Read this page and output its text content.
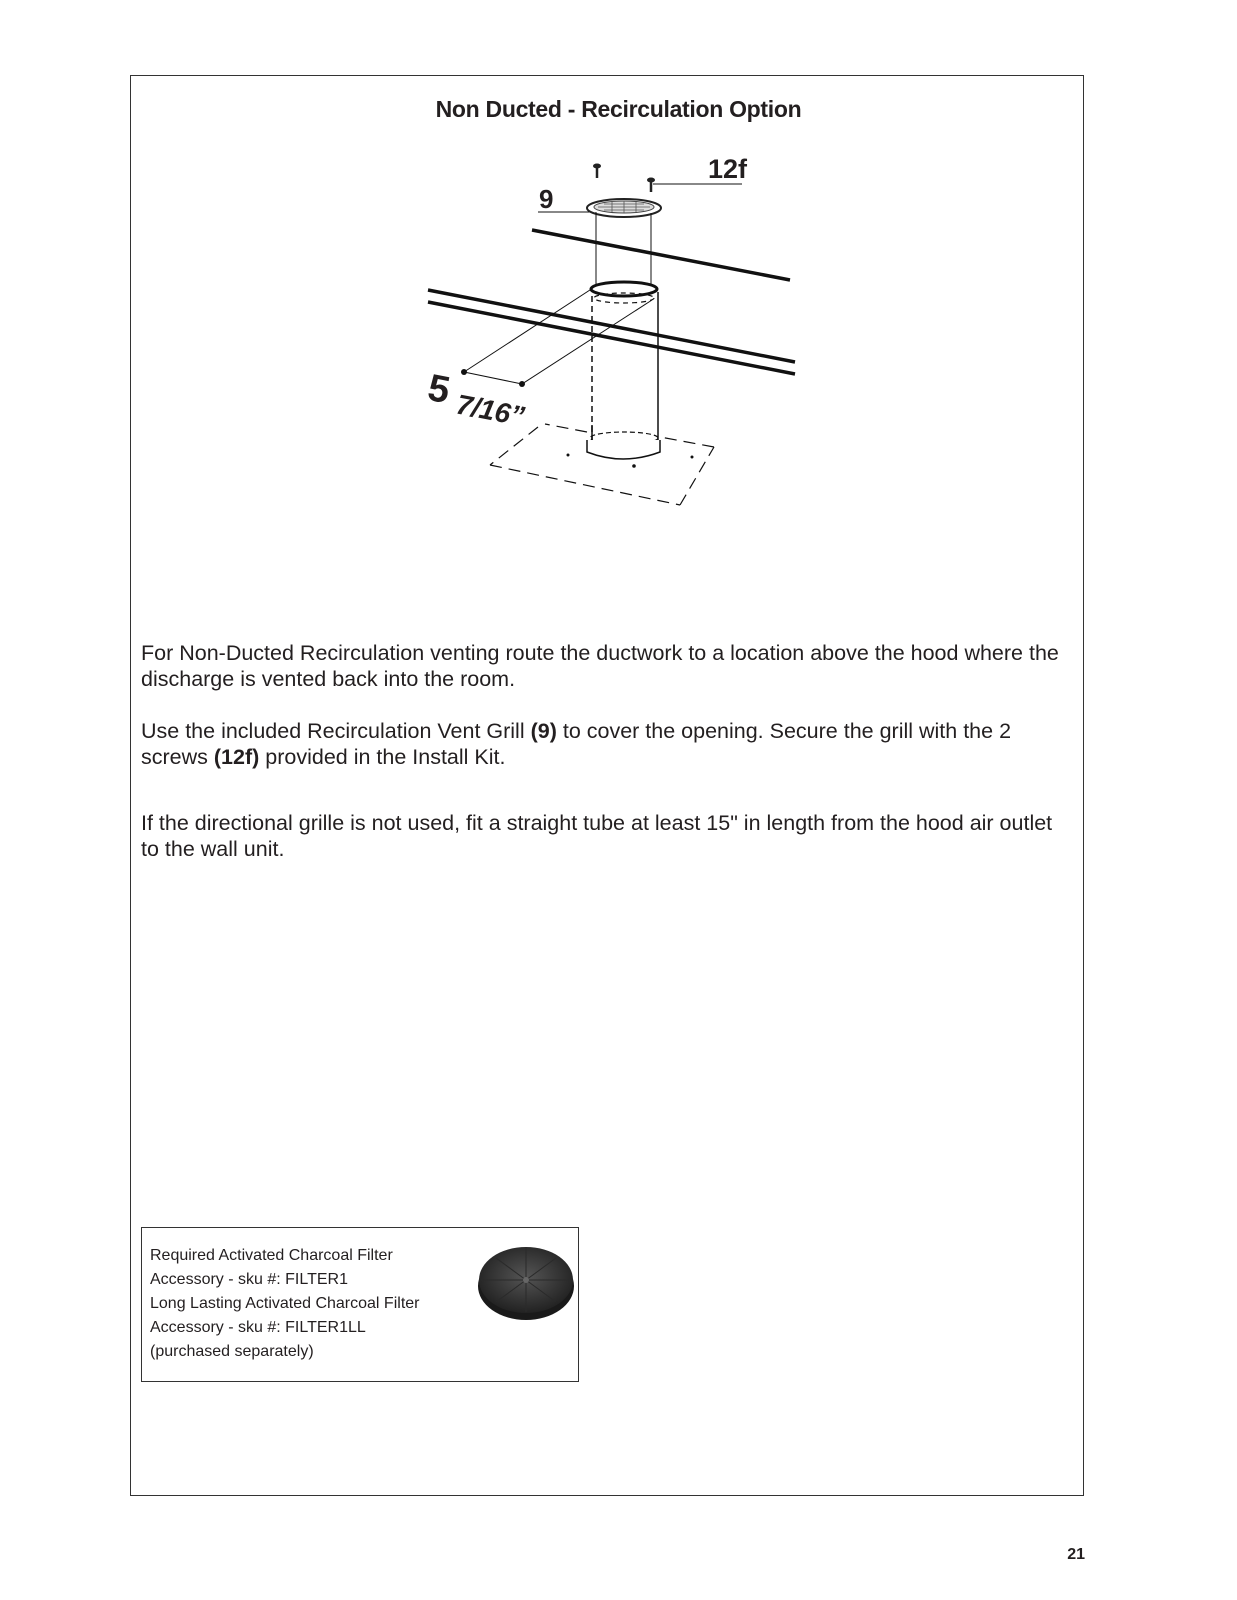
Non Ducted - Recirculation Option
12f
9
5 7/16”
For Non-Ducted Recirculation venting route the ductwork to a location above the hood where the discharge is vented back into the room.
Use the included Recirculation Vent Grill (9) to cover the opening. Secure the grill with the 2 screws (12f) provided in the Install Kit.
If the directional grille is not used, fit a straight tube at least 15" in length from the hood air outlet to the wall unit.
Required Activated Charcoal Filter
Accessory - sku #: FILTER1
Long Lasting Activated Charcoal Filter
Accessory - sku #: FILTER1LL
(purchased separately)
21
